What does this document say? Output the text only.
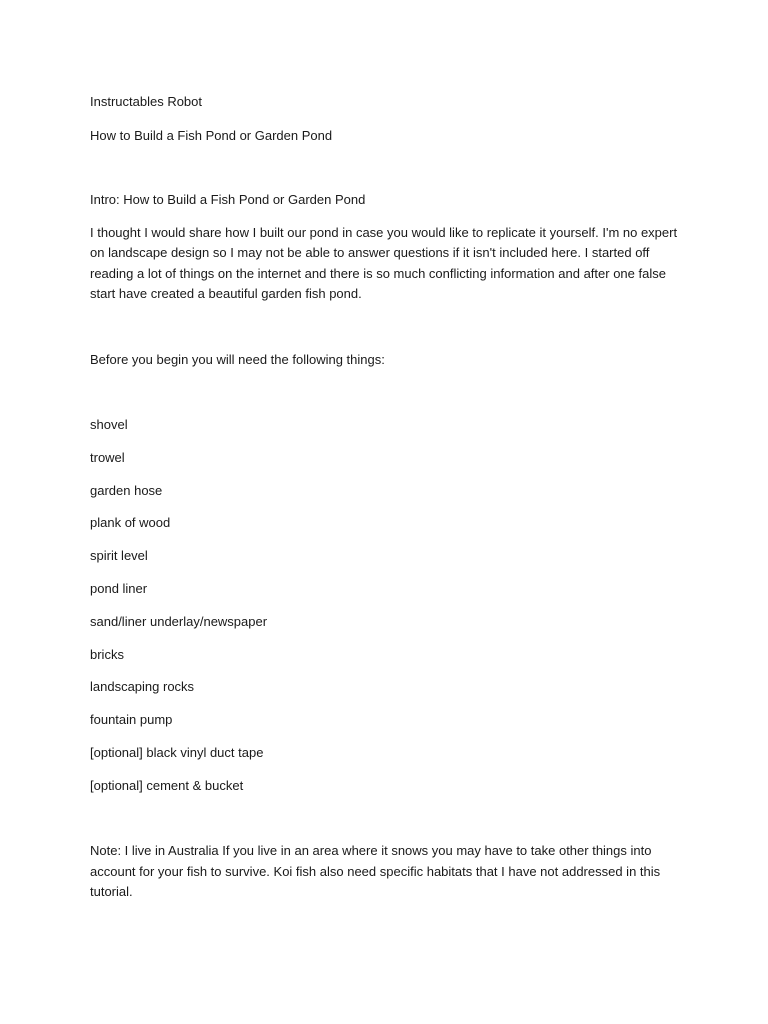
Instructables Robot

How to Build a Fish Pond or Garden Pond

Intro: How to Build a Fish Pond or Garden Pond

I thought I would share how I built our pond in case you would like to replicate it yourself. I'm no expert on landscape design so I may not be able to answer questions if it isn't included here. I started off reading a lot of things on the internet and there is so much conflicting information and after one false start have created a beautiful garden fish pond.

Before you begin you will need the following things:

shovel
trowel
garden hose
plank of wood
spirit level
pond liner
sand/liner underlay/newspaper
bricks
landscaping rocks
fountain pump
[optional] black vinyl duct tape
[optional] cement & bucket

Note: I live in Australia If you live in an area where it snows you may have to take other things into account for your fish to survive. Koi fish also need specific habitats that I have not addressed in this tutorial.
